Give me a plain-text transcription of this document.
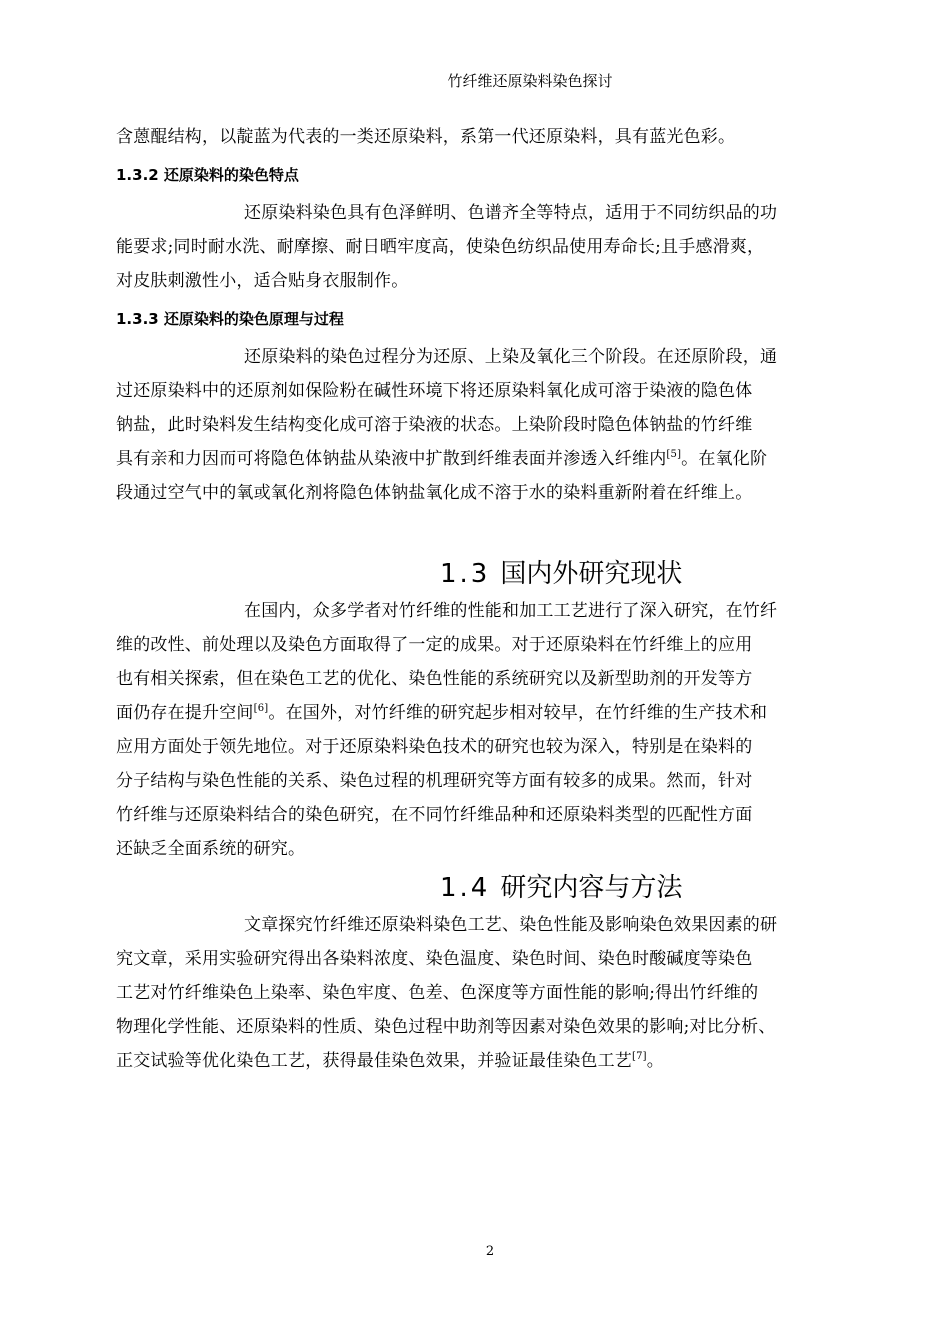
竹纤维还原染料染色探讨
含蒽醌结构，以靛蓝为代表的一类还原染料，系第一代还原染料，具有蓝光色彩。
1.3.2 还原染料的染色特点
还原染料染色具有色泽鲜明、色谱齐全等特点，适用于不同纺织品的功
能要求;同时耐水洗、耐摩擦、耐日晒牢度高，使染色纺织品使用寿命长;且手感滑爽，
对皮肤刺激性小，适合贴身衣服制作。
1.3.3 还原染料的染色原理与过程
还原染料的染色过程分为还原、上染及氧化三个阶段。在还原阶段，通
过还原染料中的还原剂如保险粉在碱性环境下将还原染料氧化成可溶于染液的隐色体
钠盐，此时染料发生结构变化成可溶于染液的状态。上染阶段时隐色体钠盐的竹纤维
具有亲和力因而可将隐色体钠盐从染液中扩散到纤维表面并渗透入纤维内[5]。在氧化阶
段通过空气中的氧或氧化剂将隐色体钠盐氧化成不溶于水的染料重新附着在纤维上。
1.3 国内外研究现状
在国内，众多学者对竹纤维的性能和加工工艺进行了深入研究，在竹纤
维的改性、前处理以及染色方面取得了一定的成果。对于还原染料在竹纤维上的应用
也有相关探索，但在染色工艺的优化、染色性能的系统研究以及新型助剂的开发等方
面仍存在提升空间[6]。在国外，对竹纤维的研究起步相对较早，在竹纤维的生产技术和
应用方面处于领先地位。对于还原染料染色技术的研究也较为深入，特别是在染料的
分子结构与染色性能的关系、染色过程的机理研究等方面有较多的成果。然而，针对
竹纤维与还原染料结合的染色研究，在不同竹纤维品种和还原染料类型的匹配性方面
还缺乏全面系统的研究。
1.4 研究内容与方法
文章探究竹纤维还原染料染色工艺、染色性能及影响染色效果因素的研
究文章，采用实验研究得出各染料浓度、染色温度、染色时间、染色时酸碱度等染色
工艺对竹纤维染色上染率、染色牢度、色差、色深度等方面性能的影响;得出竹纤维的
物理化学性能、还原染料的性质、染色过程中助剂等因素对染色效果的影响;对比分析、
正交试验等优化染色工艺，获得最佳染色效果，并验证最佳染色工艺[7]。
2
